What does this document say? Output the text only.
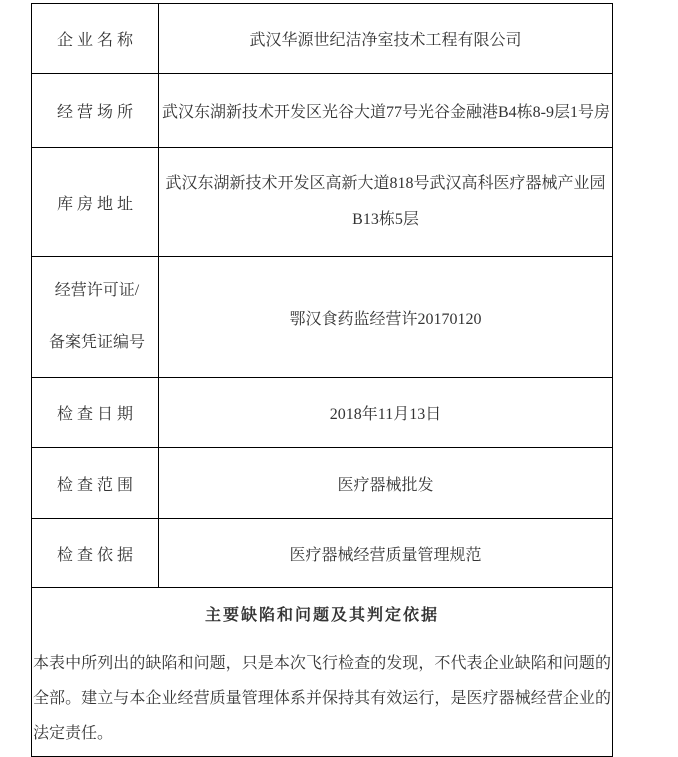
企业名称	武汉华源世纪洁净室技术工程有限公司
经营场所	武汉东湖新技术开发区光谷大道77号光谷金融港B4栋8-9层1号房
库房地址	武汉东湖新技术开发区高新大道818号武汉高科医疗器械产业园B13栋5层

经营许可证/
备案凭证编号	鄂汉食药监经营许20170120
检查日期	2018年11月13日
检查范围	医疗器械批发
检查依据	医疗器械经营质量管理规范

主要缺陷和问题及其判定依据
本表中所列出的缺陷和问题，只是本次飞行检查的发现，不代表企业缺陷和问题的全部。建立与本企业经营质量管理体系并保持其有效运行，是医疗器械经营企业的法定责任。	
